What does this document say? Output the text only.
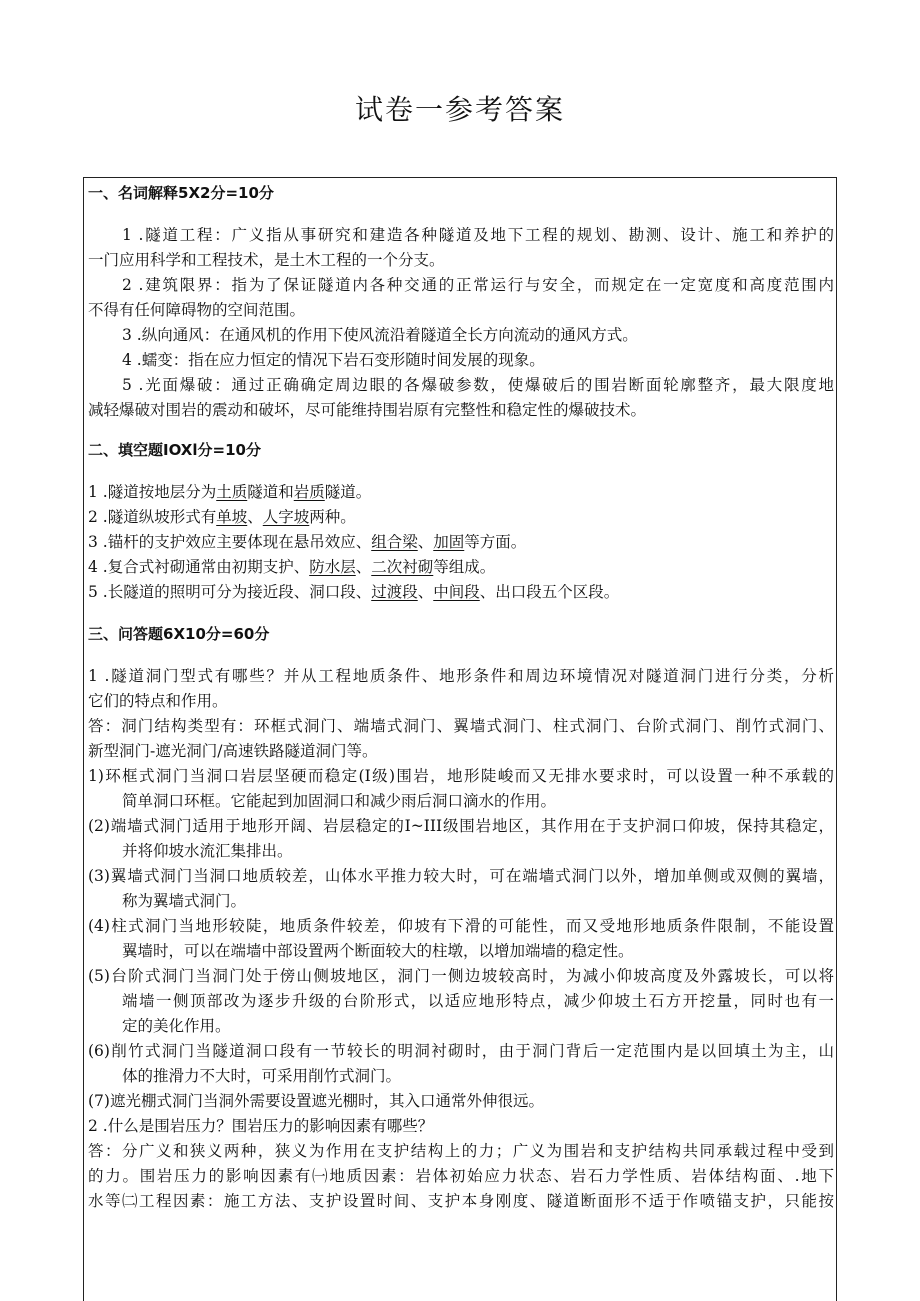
试卷一参考答案
一、名词解释5X2分=10分
1 .隧道工程：广义指从事研究和建造各种隧道及地下工程的规划、勘测、设计、施工和养护的
一门应用科学和工程技术，是土木工程的一个分支。
2 .建筑限界：指为了保证隧道内各种交通的正常运行与安全，而规定在一定宽度和高度范围内
不得有任何障碍物的空间范围。
3 .纵向通风：在通风机的作用下使风流沿着隧道全长方向流动的通风方式。
4 .蠕变：指在应力恒定的情况下岩石变形随时间发展的现象。
5 .光面爆破：通过正确确定周边眼的各爆破参数，使爆破后的围岩断面轮廓整齐，最大限度地
减轻爆破对围岩的震动和破坏，尽可能维持围岩原有完整性和稳定性的爆破技术。
二、填空题IOXl分=10分
1 .隧道按地层分为土质隧道和岩质隧道。
2 .隧道纵坡形式有单坡、人字坡两种。
3 .锚杆的支护效应主要体现在悬吊效应、组合梁、加固等方面。
4 .复合式衬砌通常由初期支护、防水层、二次衬砌等组成。
5 .长隧道的照明可分为接近段、洞口段、过渡段、中间段、出口段五个区段。
三、问答题6X10分=60分
1 .隧道洞门型式有哪些？并从工程地质条件、地形条件和周边环境情况对隧道洞门进行分类，分析
它们的特点和作用。
答：洞门结构类型有：环框式洞门、端墙式洞门、翼墙式洞门、柱式洞门、台阶式洞门、削竹式洞门、
新型洞门-遮光洞门/高速铁路隧道洞门等。
1)环框式洞门当洞口岩层坚硬而稳定(I级)围岩，地形陡峻而又无排水要求时，可以设置一种不承载的
简单洞口环框。它能起到加固洞口和减少雨后洞口滴水的作用。
(2)端墙式洞门适用于地形开阔、岩层稳定的I~III级围岩地区，其作用在于支护洞口仰坡，保持其稳定，
并将仰坡水流汇集排出。
(3)翼墙式洞门当洞口地质较差，山体水平推力较大时，可在端墙式洞门以外，增加单侧或双侧的翼墙，
称为翼墙式洞门。
(4)柱式洞门当地形较陡，地质条件较差，仰坡有下滑的可能性，而又受地形地质条件限制，不能设置
翼墙时，可以在端墙中部设置两个断面较大的柱墩，以增加端墙的稳定性。
(5)台阶式洞门当洞门处于傍山侧坡地区，洞门一侧边坡较高时，为减小仰坡高度及外露坡长，可以将
端墙一侧顶部改为逐步升级的台阶形式，以适应地形特点，减少仰坡土石方开挖量，同时也有一
定的美化作用。
(6)削竹式洞门当隧道洞口段有一节较长的明洞衬砌时，由于洞门背后一定范围内是以回填土为主，山
体的推滑力不大时，可采用削竹式洞门。
(7)遮光棚式洞门当洞外需要设置遮光棚时，其入口通常外伸很远。
2 .什么是围岩压力？围岩压力的影响因素有哪些？
答：分广义和狭义两种，狭义为作用在支护结构上的力；广义为围岩和支护结构共同承载过程中受到
的力。围岩压力的影响因素有㈠地质因素：岩体初始应力状态、岩石力学性质、岩体结构面、.地下
水等㈡工程因素：施工方法、支护设置时间、支护本身刚度、隧道断面形不适于作喷锚支护，只能按
